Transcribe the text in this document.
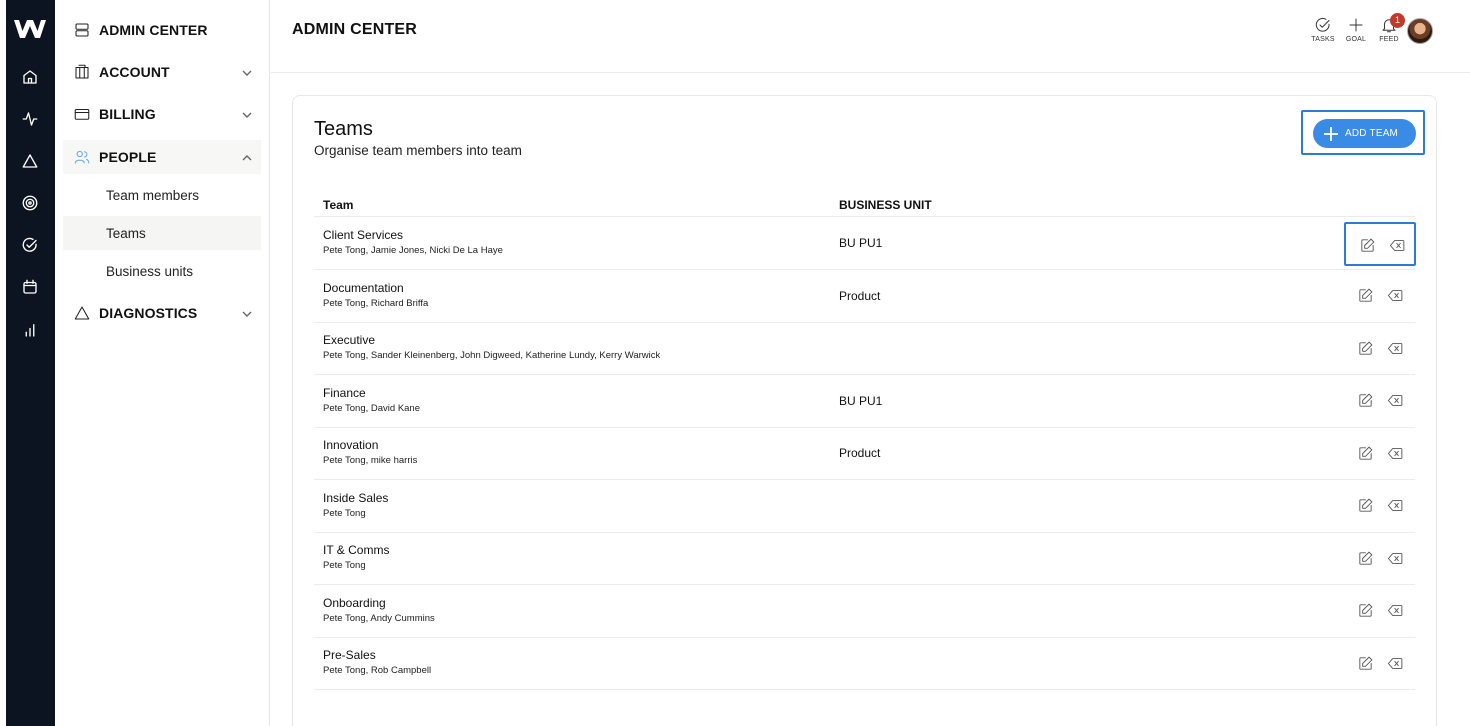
ADMIN CENTER
ACCOUNT
BILLING
PEOPLE
Team members
Teams
Business units
DIAGNOSTICS
ADMIN CENTER
TASKS	GOAL
1
FEED
Teams
Organise team members into team
ADD TEAM
Team	BUSINESS UNIT
Client Services
Pete Tong, Jamie Jones, Nicki De La Haye
BU PU1
Documentation
Pete Tong, Richard Briffa
Product
Executive
Pete Tong, Sander Kleinenberg, John Digweed, Katherine Lundy, Kerry Warwick
Finance
Pete Tong, David Kane
BU PU1
Innovation
Pete Tong, mike harris
Product
Inside Sales
Pete Tong
IT & Comms
Pete Tong
Onboarding
Pete Tong, Andy Cummins
Pre-Sales
Pete Tong, Rob Campbell
